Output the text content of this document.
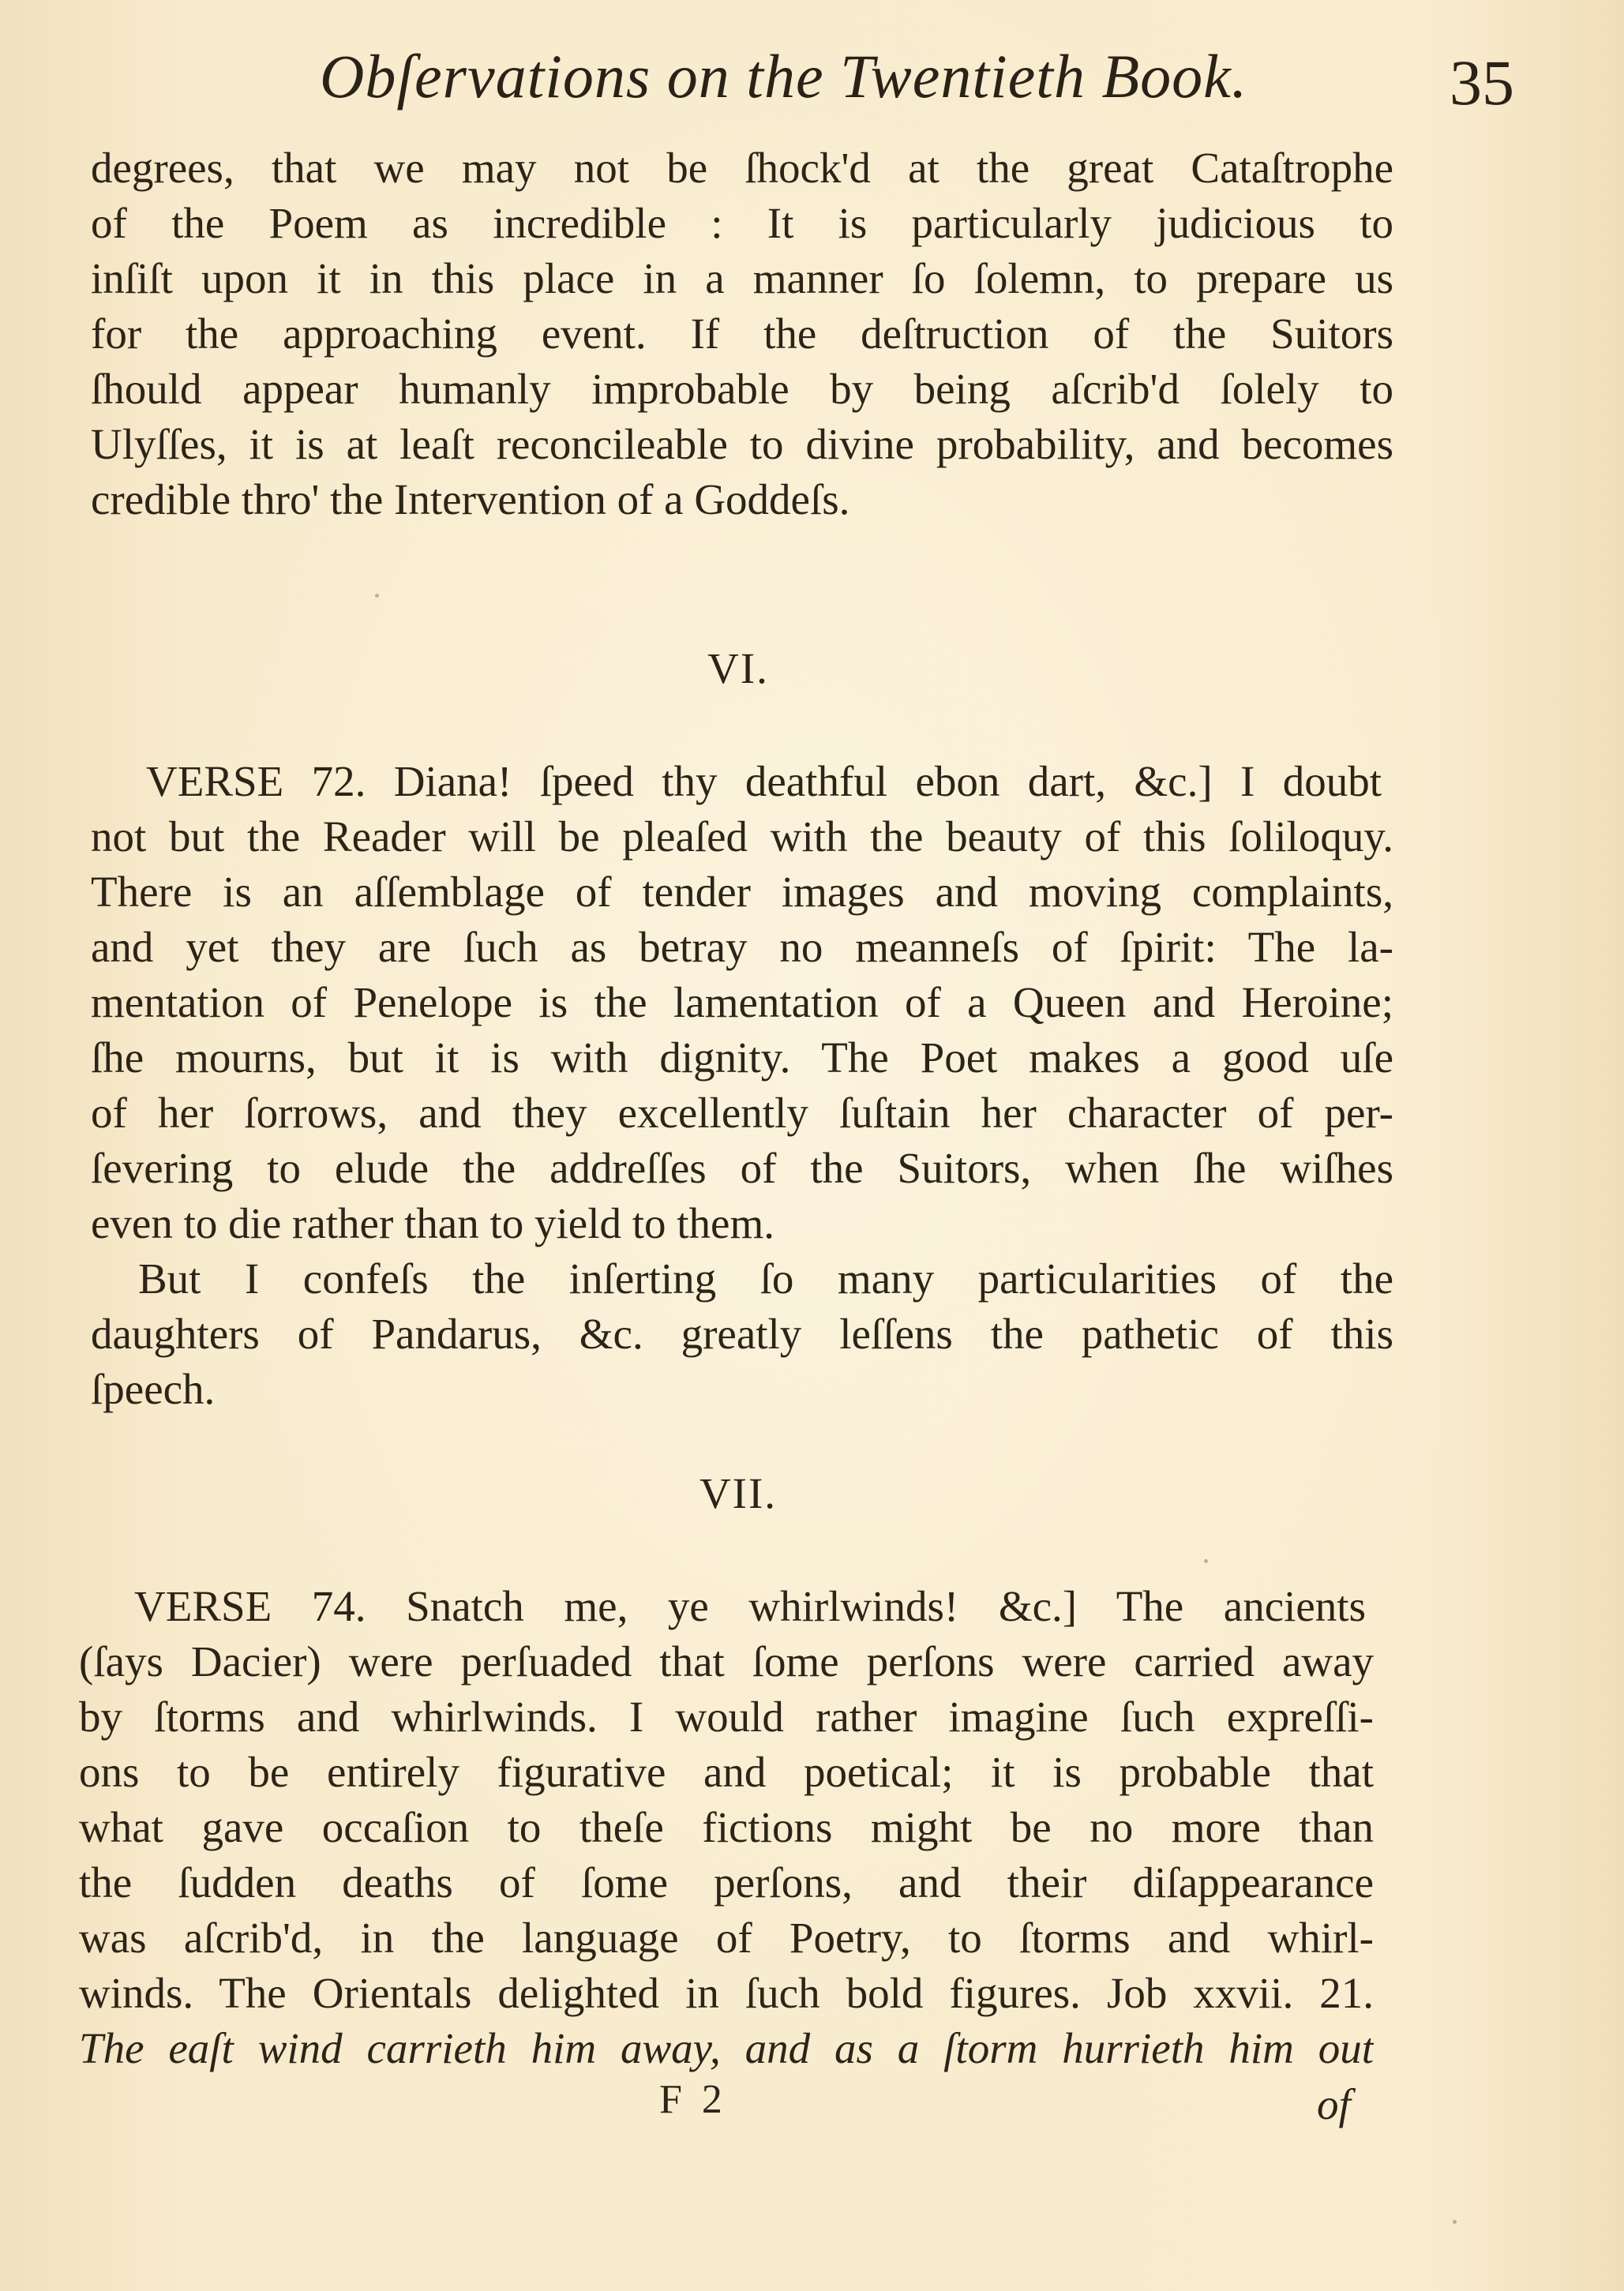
Obſervations on the Twentieth Book.	35
degrees, that we may not be ſhock'd at the great Cataſtrophe
of the Poem as incredible : It is particularly judicious to
inſiſt upon it in this place in a manner ſo ſolemn, to prepare us
for the approaching event. If the deſtruction of the Suitors
ſhould appear humanly improbable by being aſcrib'd ſolely to
Ulyſſes, it is at leaſt reconcileable to divine probability, and becomes
credible thro' the Intervention of a Goddeſs.
VI.
VERSE 72. Diana! ſpeed thy deathful ebon dart, &c.] I doubt
not but the Reader will be pleaſed with the beauty of this ſoliloquy.
There is an aſſemblage of tender images and moving complaints,
and yet they are ſuch as betray no meanneſs of ſpirit: The la-
mentation of Penelope is the lamentation of a Queen and Heroine;
ſhe mourns, but it is with dignity. The Poet makes a good uſe
of her ſorrows, and they excellently ſuſtain her character of per-
ſevering to elude the addreſſes of the Suitors, when ſhe wiſhes
even to die rather than to yield to them.
But I confeſs the inſerting ſo many particularities of the
daughters of Pandarus, &c. greatly leſſens the pathetic of this
ſpeech.
VII.
VERSE 74. Snatch me, ye whirlwinds! &c.] The ancients
(ſays Dacier) were perſuaded that ſome perſons were carried away
by ſtorms and whirlwinds. I would rather imagine ſuch expreſſi-
ons to be entirely figurative and poetical; it is probable that
what gave occaſion to theſe fictions might be no more than
the ſudden deaths of ſome perſons, and their diſappearance
was aſcrib'd, in the language of Poetry, to ſtorms and whirl-
winds. The Orientals delighted in ſuch bold figures. Job xxvii. 21.
The eaſt wind carrieth him away, and as a ſtorm hurrieth him out
F 2	of
